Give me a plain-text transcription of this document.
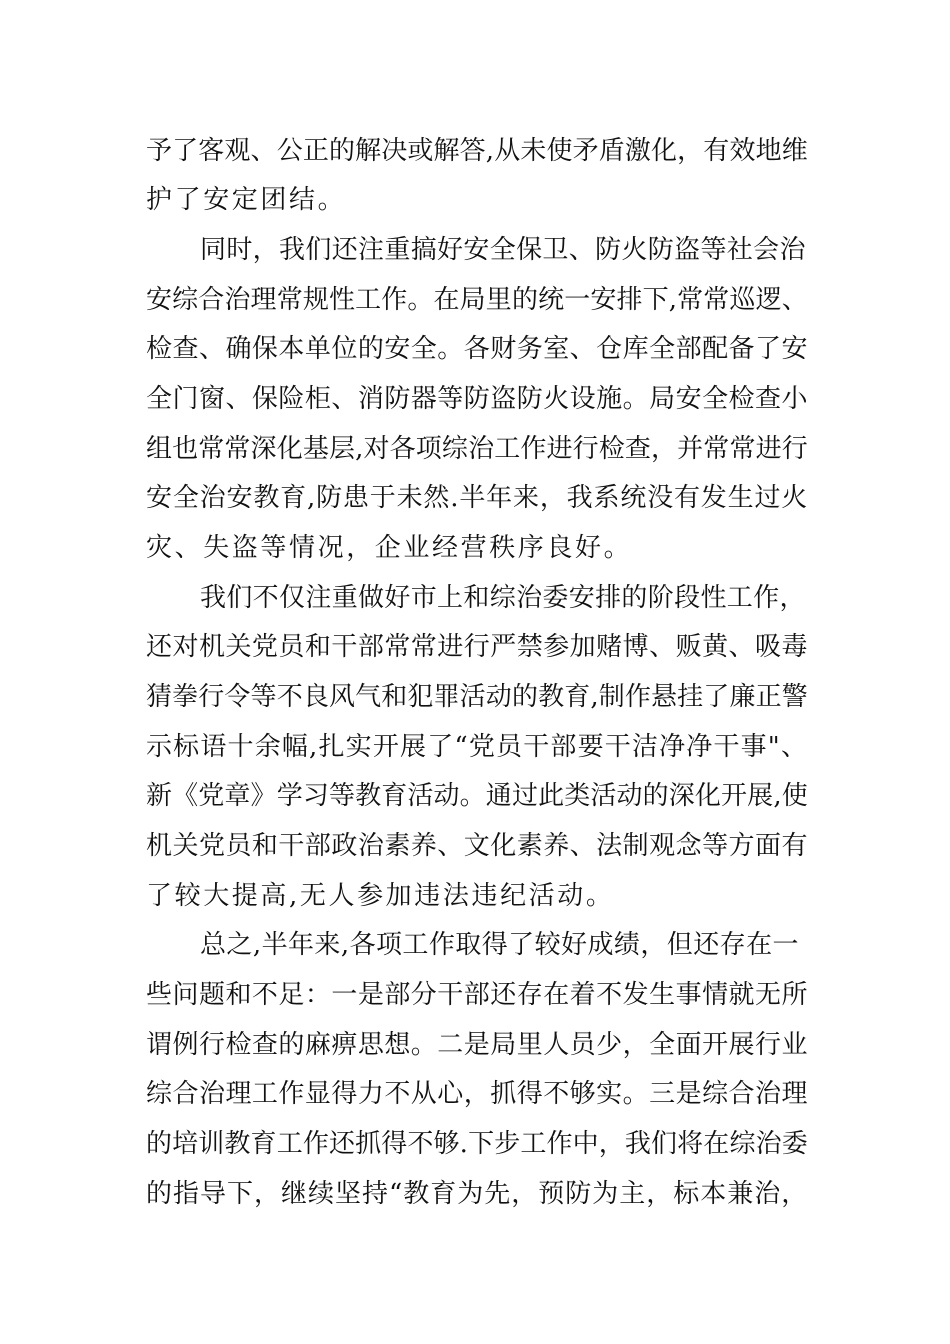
予了客观、公正的解决或解答,从未使矛盾激化，有效地维
护了安定团结。
同时，我们还注重搞好安全保卫、防火防盗等社会治
安综合治理常规性工作。在局里的统一安排下,常常巡逻、
检查、确保本单位的安全。各财务室、仓库全部配备了安
全门窗、保险柜、消防器等防盗防火设施。局安全检查小
组也常常深化基层,对各项综治工作进行检查，并常常进行
安全治安教育,防患于未然.半年来，我系统没有发生过火
灾、失盗等情况，企业经营秩序良好。
我们不仅注重做好市上和综治委安排的阶段性工作，
还对机关党员和干部常常进行严禁参加赌博、贩黄、吸毒
猜拳行令等不良风气和犯罪活动的教育,制作悬挂了廉正警
示标语十余幅,扎实开展了“党员干部要干洁净净干事"、
新《党章》学习等教育活动。通过此类活动的深化开展,使
机关党员和干部政治素养、文化素养、法制观念等方面有
了较大提高,无人参加违法违纪活动。
总之,半年来,各项工作取得了较好成绩，但还存在一
些问题和不足：一是部分干部还存在着不发生事情就无所
谓例行检查的麻痹思想。二是局里人员少，全面开展行业
综合治理工作显得力不从心，抓得不够实。三是综合治理
的培训教育工作还抓得不够.下步工作中，我们将在综治委
的指导下，继续坚持“教育为先，预防为主，标本兼治，
